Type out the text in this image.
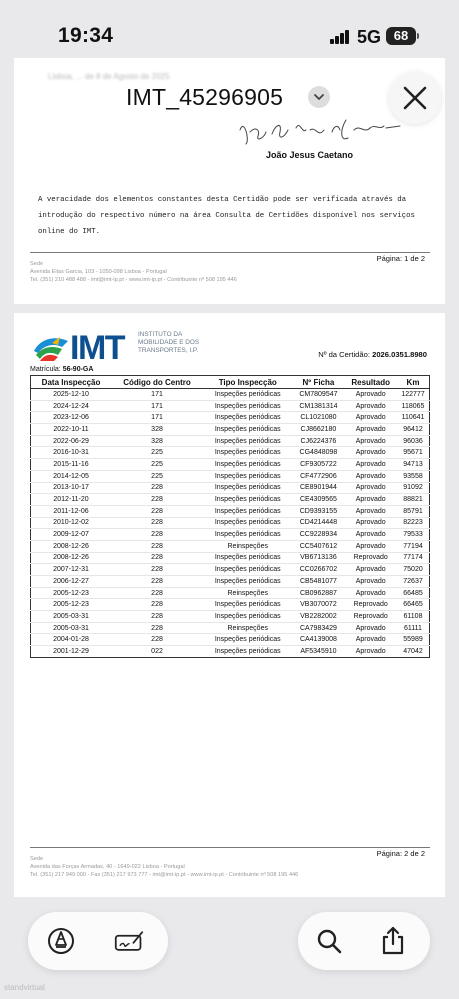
19:34	5G 68
Lisboa, ... de 8 de Agosto de 2025
João Jesus Caetano
A veracidade dos elementos constantes desta Certidão pode ser verificada através da introdução do respectivo número na área Consulta de Certidões disponível nos serviços online do IMT.
Página: 1 de 2
Sede
Avenida Elias Garcia, 103 - 1050-098 Lisboa - Portugal
Tel. (351) 210 488 488 - imt@imt-ip.pt - www.imt-ip.pt - Contribuinte nº 508 195 446
IMT_45296905
IMT INSTITUTO DA
MOBILIDADE E DOS
TRANSPORTES, I.P.	Nº da Certidão: 2026.0351.8980
Matrícula: 56-90-GA
Data Inspecção	Código do Centro	Tipo Inspecção	Nº Ficha	Resultado	Km
2025-12-10	171	Inspeções periódicas	CM7809547	Aprovado	122777
2024-12-24	171	Inspeções periódicas	CM1381314	Aprovado	118065
2023-12-06	171	Inspeções periódicas	CL1021080	Aprovado	110641
2022-10-11	328	Inspeções periódicas	CJ8662180	Aprovado	96412
2022-06-29	328	Inspeções periódicas	CJ6224376	Aprovado	96036
2016-10-31	225	Inspeções periódicas	CG4848098	Aprovado	95671
2015-11-16	225	Inspeções periódicas	CF9305722	Aprovado	94713
2014-12-05	225	Inspeções periódicas	CF4772906	Aprovado	93558
2013-10-17	228	Inspeções periódicas	CE8901944	Aprovado	91092
2012-11-20	228	Inspeções periódicas	CE4309565	Aprovado	88821
2011-12-06	228	Inspeções periódicas	CD9393155	Aprovado	85791
2010-12-02	228	Inspeções periódicas	CD4214448	Aprovado	82223
2009-12-07	228	Inspeções periódicas	CC9228934	Aprovado	79533
2008-12-26	228	Reinspeções	CC5407612	Aprovado	77194
2008-12-26	228	Inspeções periódicas	VB6713136	Reprovado	77174
2007-12-31	228	Inspeções periódicas	CC0266702	Aprovado	75020
2006-12-27	228	Inspeções periódicas	CB5481077	Aprovado	72637
2005-12-23	228	Reinspeções	CB0962887	Aprovado	66485
2005-12-23	228	Inspeções periódicas	VB3070072	Reprovado	66465
2005-03-31	228	Inspeções periódicas	VB2282002	Reprovado	61108
2005-03-31	228	Reinspeções	CA7983429	Aprovado	61111
2004-01-28	228	Inspeções periódicas	CA4139008	Aprovado	55989
2001-12-29	022	Inspeções periódicas	AF5345910	Aprovado	47042
Página: 2 de 2
Sede
Avenida das Forças Armadas, 40 - 1649-022 Lisboa - Portugal
Tel. (351) 217 949 000 - Fax (351) 217 973 777 - imt@imt-ip.pt - www.imt-ip.pt - Contribuinte nº 508 195 446
standvirtual
